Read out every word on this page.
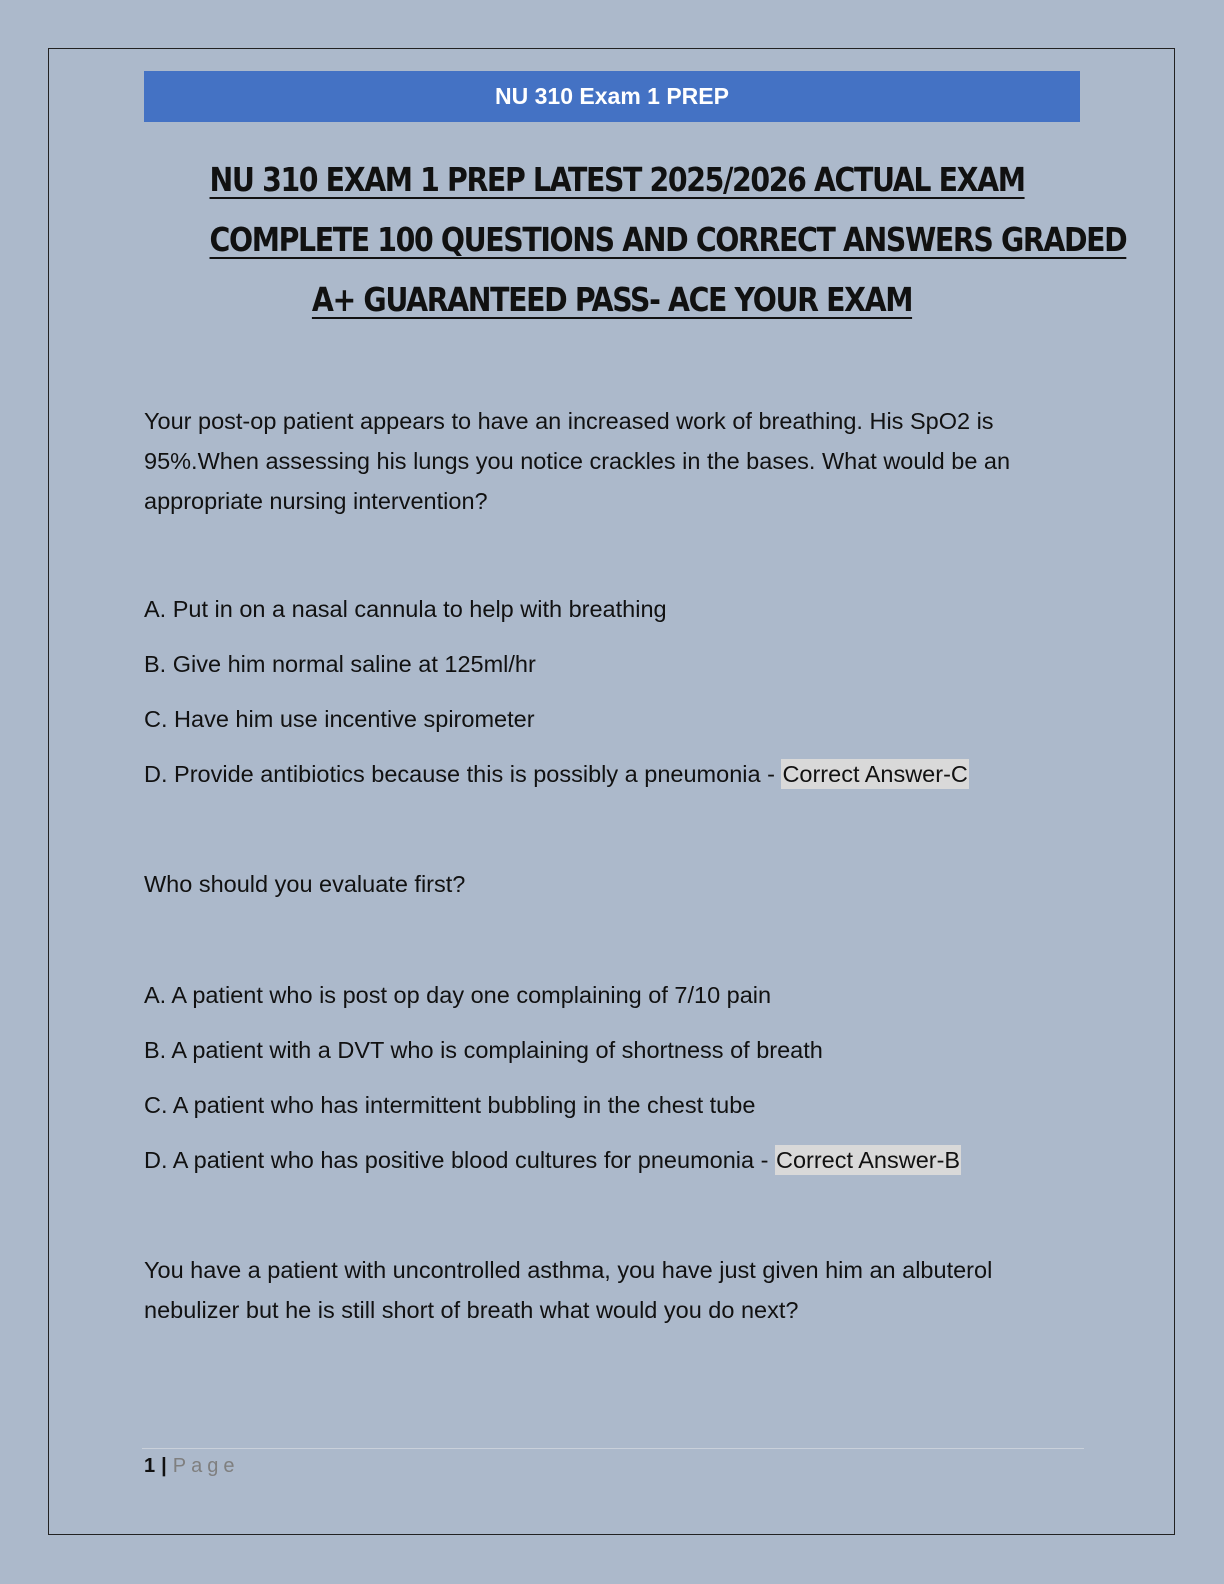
NU 310 Exam 1 PREP
NU 310 EXAM 1 PREP LATEST 2025/2026 ACTUAL EXAM
COMPLETE 100 QUESTIONS AND CORRECT ANSWERS GRADED
A+ GUARANTEED PASS- ACE YOUR EXAM

Your post-op patient appears to have an increased work of breathing. His SpO2 is 95%.When assessing his lungs you notice crackles in the bases. What would be an appropriate nursing intervention?

A. Put in on a nasal cannula to help with breathing
B. Give him normal saline at 125ml/hr
C. Have him use incentive spirometer
D. Provide antibiotics because this is possibly a pneumonia - Correct Answer-C

Who should you evaluate first?

A. A patient who is post op day one complaining of 7/10 pain
B. A patient with a DVT who is complaining of shortness of breath
C. A patient who has intermittent bubbling in the chest tube
D. A patient who has positive blood cultures for pneumonia - Correct Answer-B

You have a patient with uncontrolled asthma, you have just given him an albuterol nebulizer but he is still short of breath what would you do next?

1 | Page
